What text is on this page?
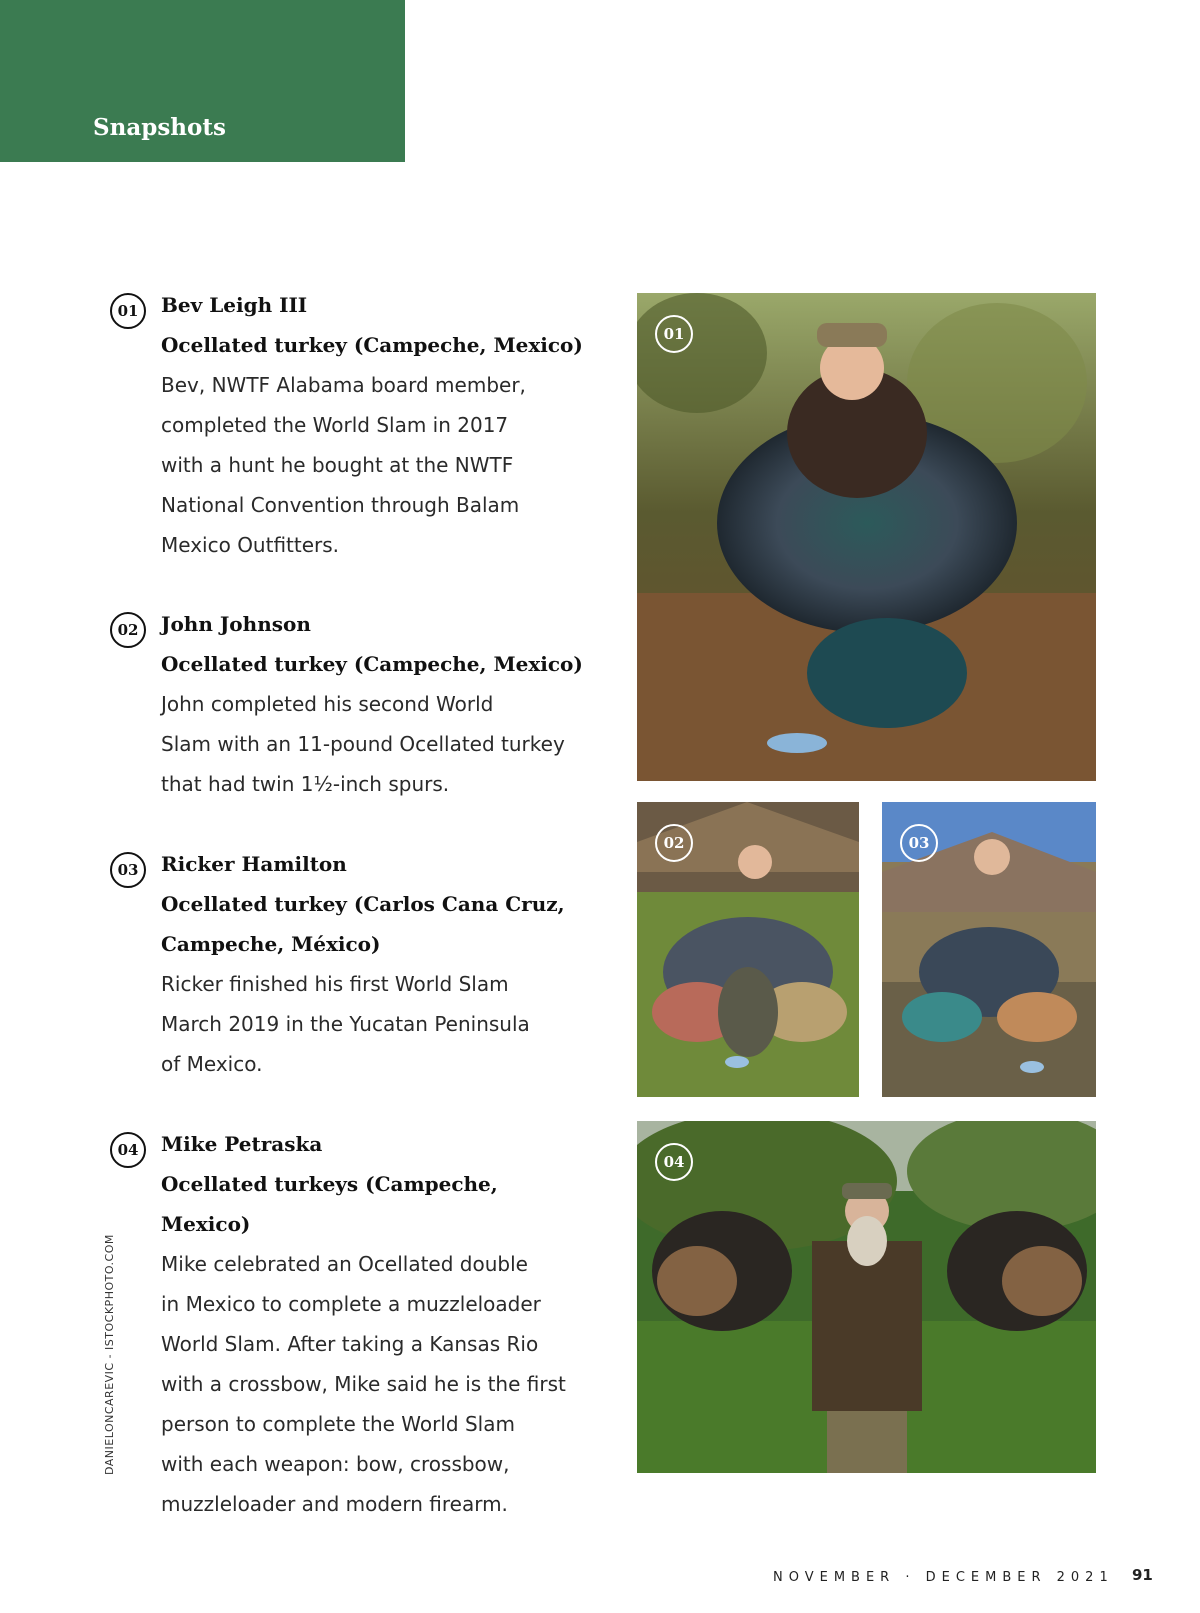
Snapshots
01	Bev Leigh III

Ocellated turkey (Campeche, Mexico)

Bev, NWTF Alabama board member,

completed the World Slam in 2017

with a hunt he bought at the NWTF

National Convention through Balam

Mexico Outfitters.

02	John Johnson

Ocellated turkey (Campeche, Mexico)

John completed his second World

Slam with an 11-pound Ocellated turkey

that had twin 1½-inch spurs.

03	Ricker Hamilton

Ocellated turkey (Carlos Cana Cruz,

Campeche, México)

Ricker finished his first World Slam

March 2019 in the Yucatan Peninsula

of Mexico.

04	Mike Petraska

Ocellated turkeys (Campeche, Mexico)

Mike celebrated an Ocellated double

in Mexico to complete a muzzleloader

World Slam. After taking a Kansas Rio

with a crossbow, Mike said he is the first

person to complete the World Slam

with each weapon: bow, crossbow,

muzzleloader and modern firearm.

01
02	03
04
DANIELONCAREVIC - ISTOCKPHOTO.COM
NOVEMBER · DECEMBER 2021 91
